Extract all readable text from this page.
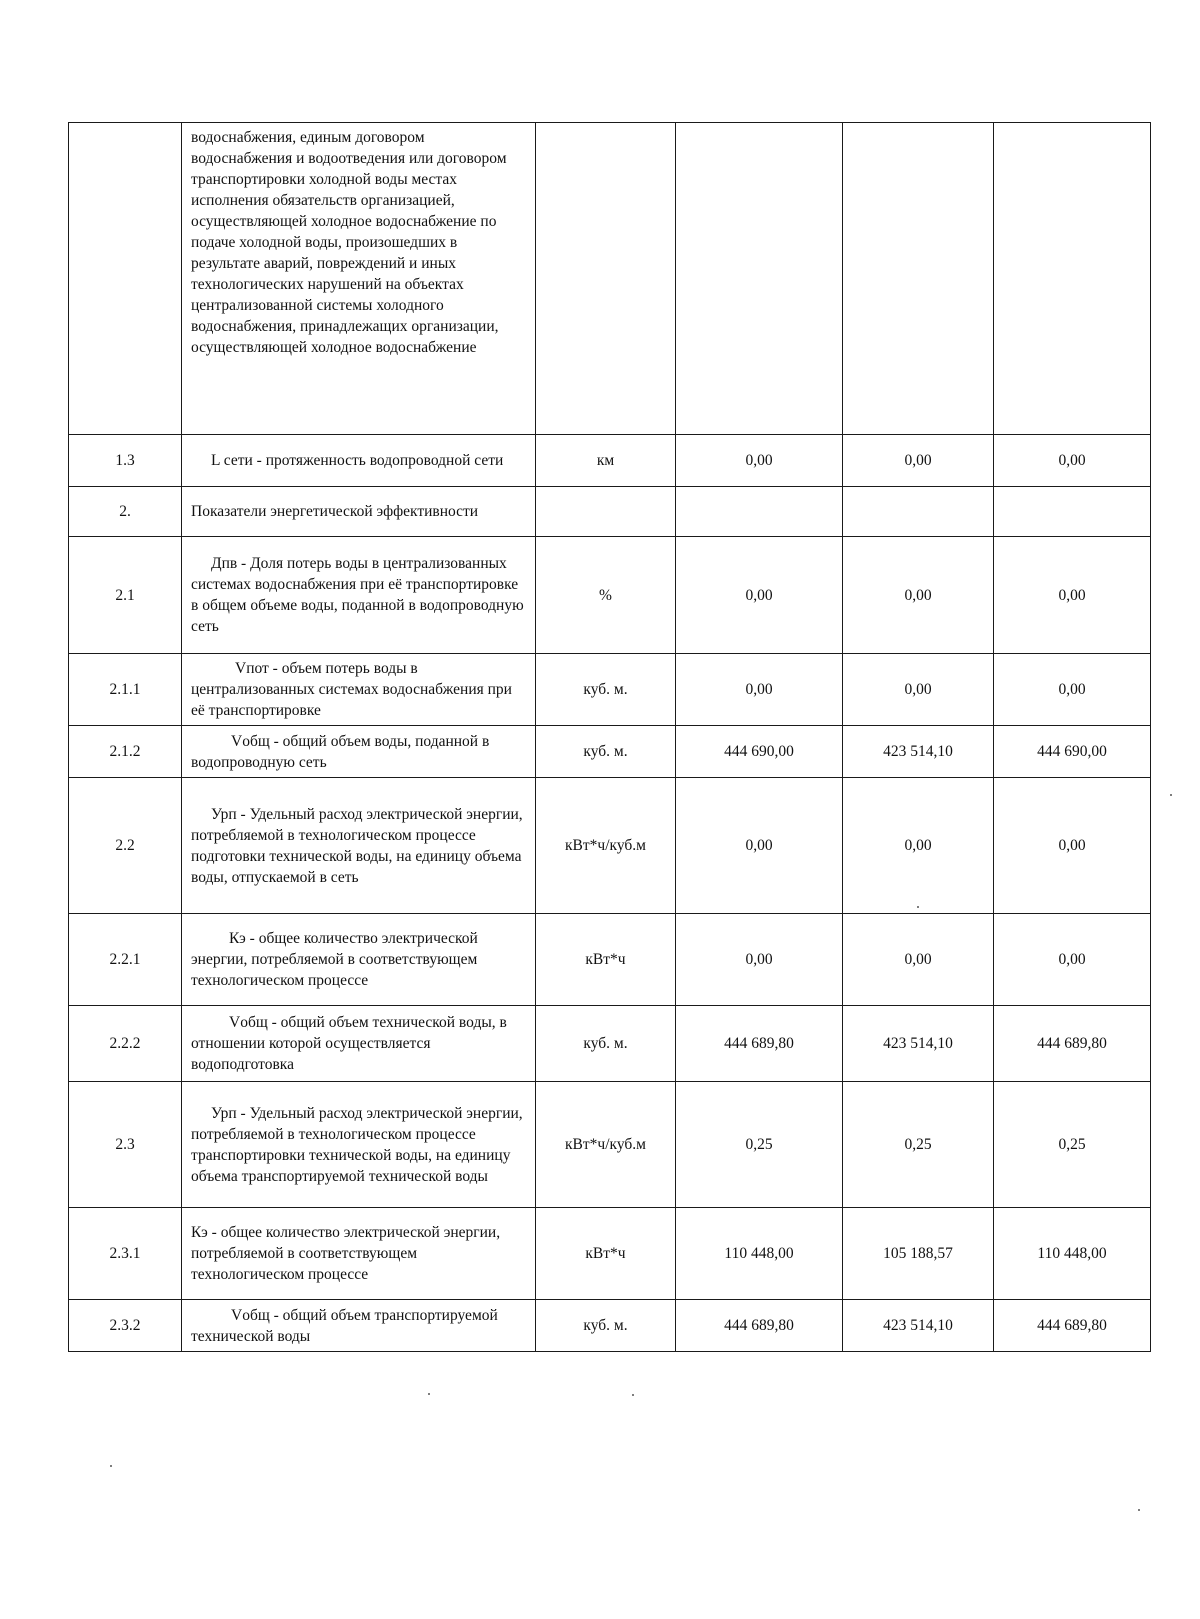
	водоснабжения, единым договором водоснабжения и водоотведения или договором транспортировки холодной воды местах исполнения обязательств организацией, осуществляющей холодное водоснабжение по подаче холодной воды, произошедших в результате аварий, повреждений и иных технологических нарушений на объектах централизованной системы холодного водоснабжения, принадлежащих организации, осуществляющей холодное водоснабжение				
1.3	L сети - протяженность водопроводной сети	км	0,00	0,00	0,00
2.	Показатели энергетической эффективности				
2.1	Дпв - Доля потерь воды в централизованных системах водоснабжения при её транспортировке в общем объеме воды, поданной в водопроводную сеть	%	0,00	0,00	0,00
2.1.1	Vпот - объем потерь воды в централизованных системах водоснабжения при её транспортировке	куб. м.	0,00	0,00	0,00
2.1.2	Vобщ - общий объем воды, поданной в водопроводную сеть	куб. м.	444 690,00	423 514,10	444 690,00
2.2	Урп - Удельный расход электрической энергии, потребляемой в технологическом процессе подготовки технической воды, на единицу объема воды, отпускаемой в сеть	кВт*ч/куб.м	0,00	0,00	0,00
2.2.1	Кэ - общее количество электрической энергии, потребляемой в соответствующем технологическом процессе	кВт*ч	0,00	0,00	0,00
2.2.2	Vобщ - общий объем технической воды, в отношении которой осуществляется водоподготовка	куб. м.	444 689,80	423 514,10	444 689,80
2.3	Урп - Удельный расход электрической энергии, потребляемой в технологическом процессе транспортировки технической воды, на единицу объема транспортируемой технической воды	кВт*ч/куб.м	0,25	0,25	0,25
2.3.1	Кэ - общее количество электрической энергии, потребляемой в соответствующем технологическом процессе	кВт*ч	110 448,00	105 188,57	110 448,00
2.3.2	Vобщ - общий объем транспортируемой технической воды	куб. м.	444 689,80	423 514,10	444 689,80
